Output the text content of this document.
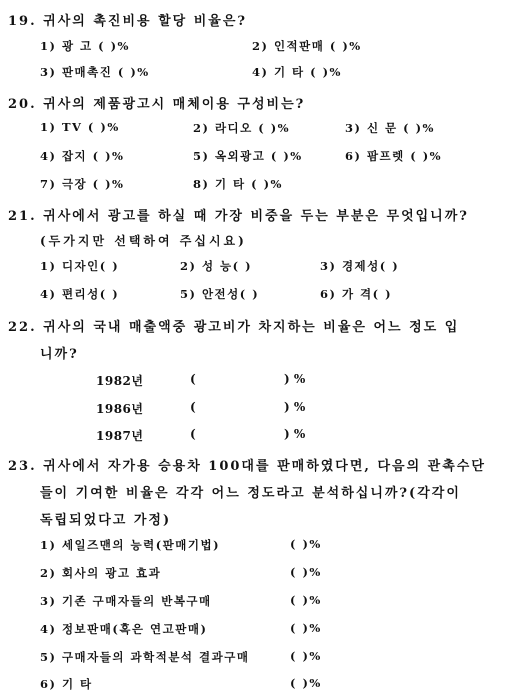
19. 귀사의 촉진비용 할당 비율은?
1) 광 고 ( )%	2) 인적판매 ( )%
3) 판매촉진 ( )%	4) 기 타 ( )%
20. 귀사의 제품광고시 매체이용 구성비는?
1) TV ( )%	2) 라디오 ( )%	3) 신 문 ( )%
4) 잡지 ( )%	5) 옥외광고 ( )%	6) 팜프렛 ( )%
7) 극장 ( )%	8) 기 타 ( )%
21. 귀사에서 광고를 하실 때 가장 비중을 두는 부분은 무엇입니까?
(두가지만 선택하여 주십시요)
1) 디자인( )	2) 성 능( )	3) 경제성( )
4) 편리성( )	5) 안전성( )	6) 가 격( )
22. 귀사의 국내 매출액중 광고비가 차지하는 비율은 어느 정도 입
니까?
1982년	(	) %
1986년	(	) %
1987년	(	) %
23. 귀사에서 자가용 승용차 100대를 판매하였다면, 다음의 관촉수단
들이 기여한 비율은 각각 어느 정도라고 분석하십니까?(각각이
독립되었다고 가정)
1) 세일즈맨의 능력(판매기법)	( )%
2) 회사의 광고 효과	( )%
3) 기존 구매자들의 반복구매	( )%
4) 정보판매(혹은 연고판매)	( )%
5) 구매자들의 과학적분석 결과구매	( )%
6) 기 타	( )%
